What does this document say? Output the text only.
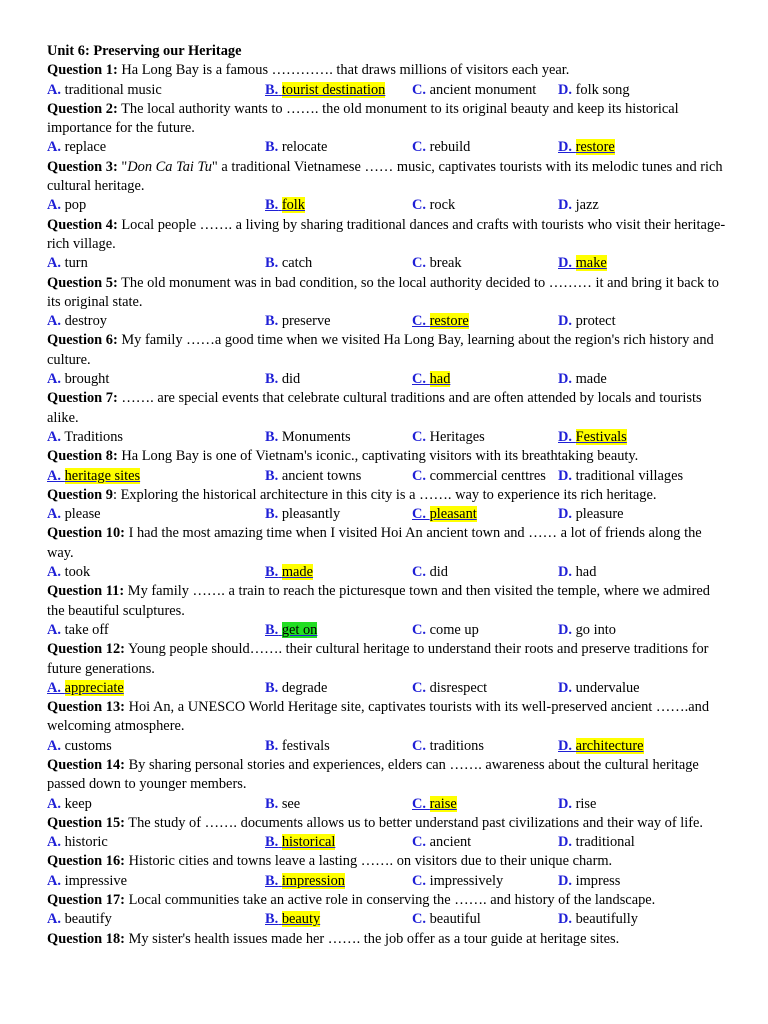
Unit 6: Preserving our Heritage
Question 1: Ha Long Bay is a famous …………. that draws millions of visitors each year.
A. traditional music	B. tourist destination C. ancient monument D. folk song
Question 2: The local authority wants to ……. the old monument to its original beauty and keep its historical importance for the future.
A. replace	B. relocate	C. rebuild	D. restore
Question 3: "Don Ca Tai Tu" a traditional Vietnamese …… music, captivates tourists with its melodic tunes and rich cultural heritage.
A. pop	B. folk	C. rock	D. jazz
Question 4: Local people ……. a living by sharing traditional dances and crafts with tourists who visit their heritage-rich village.
A. turn	B. catch	C. break	D. make
Question 5: The old monument was in bad condition, so the local authority decided to ……… it and bring it back to its original state.
A. destroy	B. preserve	C. restore	D. protect
Question 6: My family ……a good time when we visited Ha Long Bay, learning about the region's rich history and culture.
A. brought	B. did	C. had	D. made
Question 7: ……. are special events that celebrate cultural traditions and are often attended by locals and tourists alike.
A. Traditions	B. Monuments	C. Heritages	D. Festivals
Question 8: Ha Long Bay is one of Vietnam's iconic., captivating visitors with its breathtaking beauty.
A. heritage sites	B. ancient towns	C. commercial centtres D. traditional villages
Question 9: Exploring the historical architecture in this city is a ……. way to experience its rich heritage.
A. please	B. pleasantly	C. pleasant	D. pleasure
Question 10: I had the most amazing time when I visited Hoi An ancient town and …… a lot of friends along the way.
A. took	B. made	C. did	D. had
Question 11: My family ……. a train to reach the picturesque town and then visited the temple, where we admired the beautiful sculptures.
A. take off	B. get on	C. come up	D. go into
Question 12: Young people should……. their cultural heritage to understand their roots and preserve traditions for future generations.
A. appreciate	B. degrade	C. disrespect	D. undervalue
Question 13: Hoi An, a UNESCO World Heritage site, captivates tourists with its well-preserved ancient …….and welcoming atmosphere.
A. customs	B. festivals	C. traditions	D. architecture
Question 14: By sharing personal stories and experiences, elders can ……. awareness about the cultural heritage passed down to younger members.
A. keep	B. see	C. raise	D. rise
Question 15: The study of ……. documents allows us to better understand past civilizations and their way of life.
A. historic	B. historical	C. ancient	D. traditional
Question 16: Historic cities and towns leave a lasting ……. on visitors due to their unique charm.
A. impressive	B. impression	C. impressively	D. impress
Question 17: Local communities take an active role in conserving the ……. and history of the landscape.
A. beautify	B. beauty	C. beautiful	D. beautifully
Question 18: My sister's health issues made her ……. the job offer as a tour guide at heritage sites.
